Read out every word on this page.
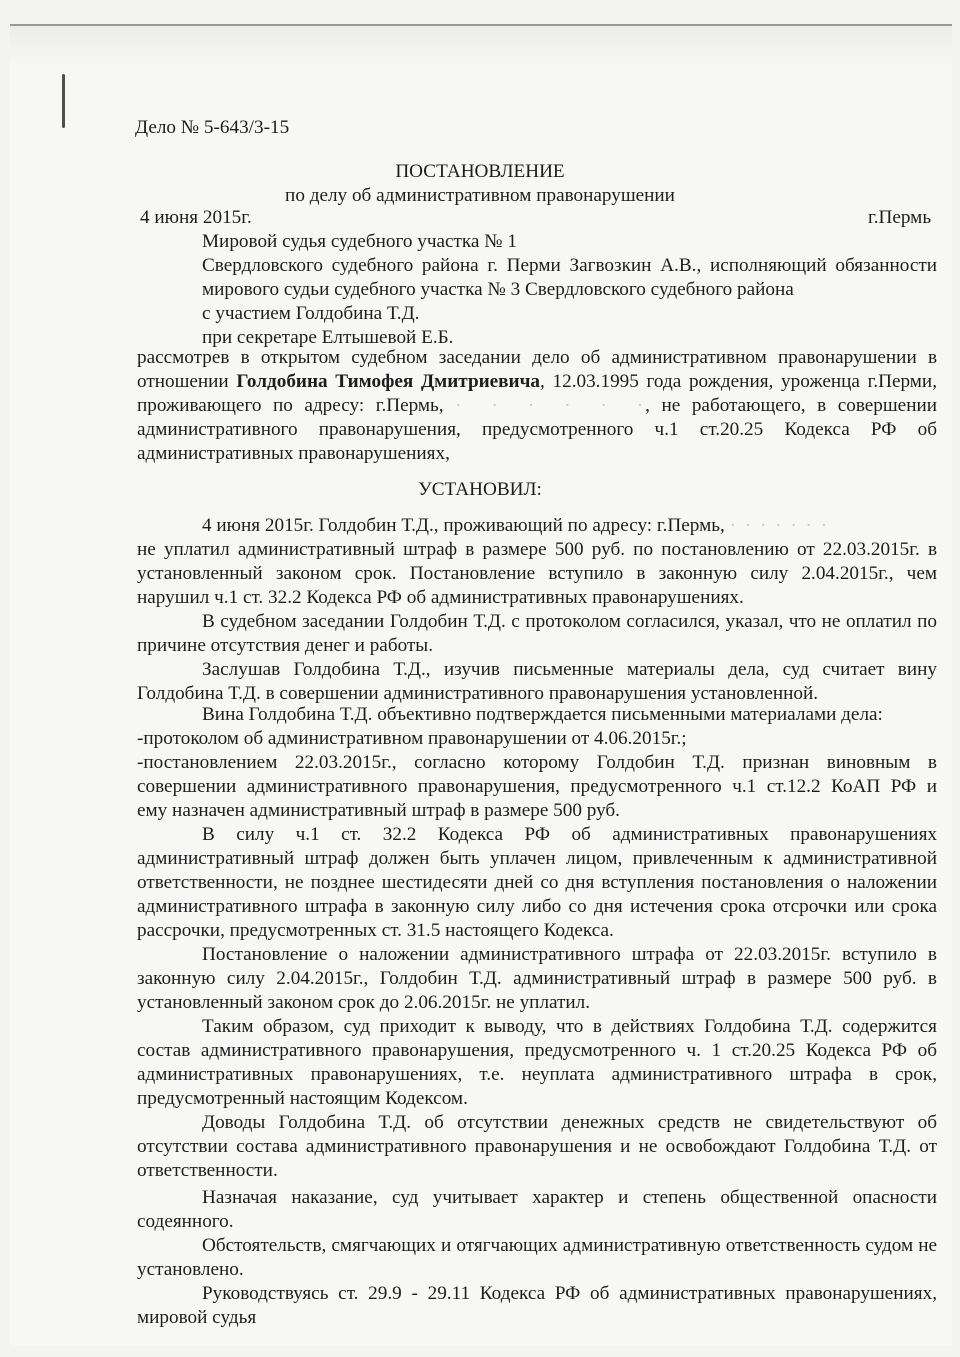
Дело № 5-643/3-15
ПОСТАНОВЛЕНИЕ
по делу об административном правонарушении
4 июня 2015г.	г.Пермь
Мировой судья судебного участка № 1
Свердловского судебного района г. Перми Загвозкин А.В., исполняющий обязанности
мирового судьи судебного участка № 3 Свердловского судебного района
с участием Голдобина Т.Д.
при секретаре Елтышевой Е.Б.
рассмотрев в открытом судебном заседании дело об административном правонарушении в
отношении Голдобина Тимофея Дмитриевича, 12.03.1995 года рождения, уроженца г.Перми,
проживающего по адресу: г.Пермь, · · · · · ·, не работающего, в совершении
административного правонарушения, предусмотренного ч.1 ст.20.25 Кодекса РФ об
административных правонарушениях,
УСТАНОВИЛ:
4 июня 2015г. Голдобин Т.Д., проживающий по адресу: г.Пермь, · · · · · · ·
не уплатил административный штраф в размере 500 руб. по постановлению от 22.03.2015г. в
установленный законом срок. Постановление вступило в законную силу 2.04.2015г., чем
нарушил ч.1 ст. 32.2 Кодекса РФ об административных правонарушениях.
В судебном заседании Голдобин Т.Д. с протоколом согласился, указал, что не оплатил по
причине отсутствия денег и работы.
Заслушав Голдобина Т.Д., изучив письменные материалы дела, суд считает вину
Голдобина Т.Д. в совершении административного правонарушения установленной.
Вина Голдобина Т.Д. объективно подтверждается письменными материалами дела:
-протоколом об административном правонарушении от 4.06.2015г.;
-постановлением 22.03.2015г., согласно которому Голдобин Т.Д. признан виновным в
совершении административного правонарушения, предусмотренного ч.1 ст.12.2 КоАП РФ и
ему назначен административный штраф в размере 500 руб.
В силу ч.1 ст. 32.2 Кодекса РФ об административных правонарушениях
административный штраф должен быть уплачен лицом, привлеченным к административной
ответственности, не позднее шестидесяти дней со дня вступления постановления о наложении
административного штрафа в законную силу либо со дня истечения срока отсрочки или срока
рассрочки, предусмотренных ст. 31.5 настоящего Кодекса.
Постановление о наложении административного штрафа от 22.03.2015г. вступило в
законную силу 2.04.2015г., Голдобин Т.Д. административный штраф в размере 500 руб. в
установленный законом срок до 2.06.2015г. не уплатил.
Таким образом, суд приходит к выводу, что в действиях Голдобина Т.Д. содержится
состав административного правонарушения, предусмотренного ч. 1 ст.20.25 Кодекса РФ об
административных правонарушениях, т.е. неуплата административного штрафа в срок,
предусмотренный настоящим Кодексом.
Доводы Голдобина Т.Д. об отсутствии денежных средств не свидетельствуют об
отсутствии состава административного правонарушения и не освобождают Голдобина Т.Д. от
ответственности.
Назначая наказание, суд учитывает характер и степень общественной опасности
содеянного.
Обстоятельств, смягчающих и отягчающих административную ответственность судом не
установлено.
Руководствуясь ст. 29.9 - 29.11 Кодекса РФ об административных правонарушениях,
мировой судья
